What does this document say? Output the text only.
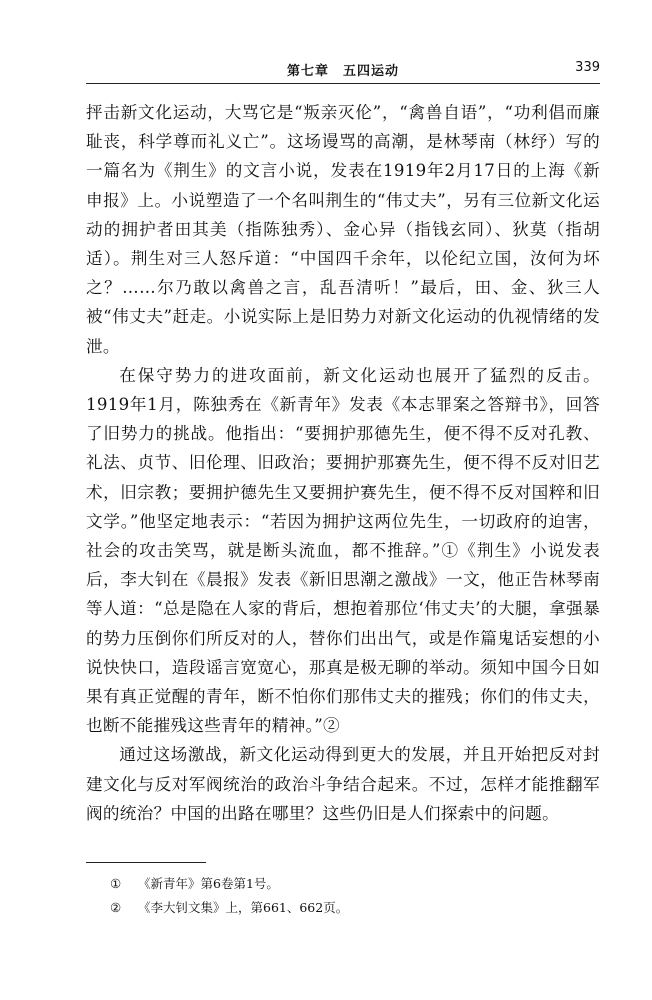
第七章　五四运动	339

抨击新文化运动，大骂它是“叛亲灭伦”，“禽兽自语”，“功利倡而廉耻丧，科学尊而礼义亡”。这场谩骂的高潮，是林琴南（林纾）写的一篇名为《荆生》的文言小说，发表在1919年2月17日的上海《新申报》上。小说塑造了一个名叫荆生的“伟丈夫”，另有三位新文化运动的拥护者田其美（指陈独秀）、金心异（指钱玄同）、狄莫（指胡适）。荆生对三人怒斥道：“中国四千余年，以伦纪立国，汝何为坏之？……尔乃敢以禽兽之言，乱吾清听！”最后，田、金、狄三人被“伟丈夫”赶走。小说实际上是旧势力对新文化运动的仇视情绪的发泄。

在保守势力的进攻面前，新文化运动也展开了猛烈的反击。1919年1月，陈独秀在《新青年》发表《本志罪案之答辩书》，回答了旧势力的挑战。他指出：“要拥护那德先生，便不得不反对孔教、礼法、贞节、旧伦理、旧政治；要拥护那赛先生，便不得不反对旧艺术，旧宗教；要拥护德先生又要拥护赛先生，便不得不反对国粹和旧文学。”他坚定地表示：“若因为拥护这两位先生，一切政府的迫害，社会的攻击笑骂，就是断头流血，都不推辞。”①《荆生》小说发表后，李大钊在《晨报》发表《新旧思潮之激战》一文，他正告林琴南等人道：“总是隐在人家的背后，想抱着那位‘伟丈夫’的大腿，拿强暴的势力压倒你们所反对的人，替你们出出气，或是作篇鬼话妄想的小说快快口，造段谣言宽宽心，那真是极无聊的举动。须知中国今日如果有真正觉醒的青年，断不怕你们那伟丈夫的摧残；你们的伟丈夫，也断不能摧残这些青年的精神。”②

通过这场激战，新文化运动得到更大的发展，并且开始把反对封建文化与反对军阀统治的政治斗争结合起来。不过，怎样才能推翻军阀的统治？中国的出路在哪里？这些仍旧是人们探索中的问题。

① 《新青年》第6卷第1号。
② 《李大钊文集》上，第661、662页。
